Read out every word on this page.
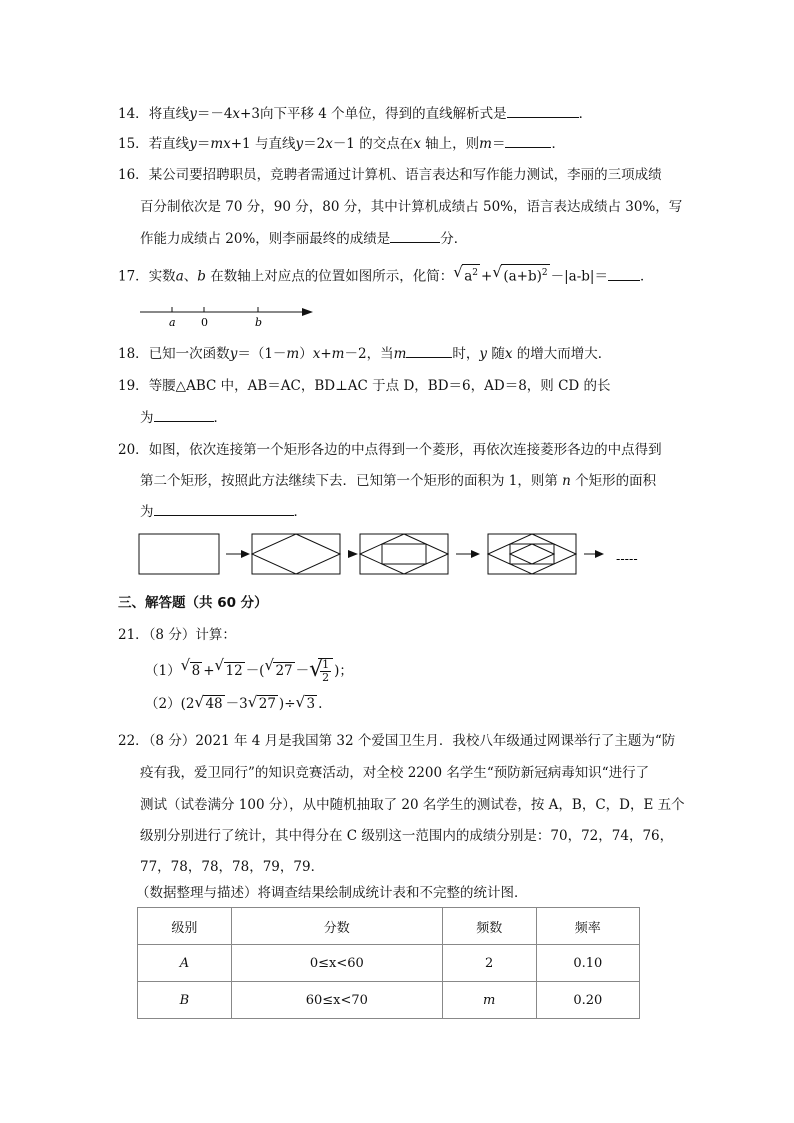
14．将直线y＝－4x+3向下平移 4 个单位，得到的直线解析式是	．
15．若直线y＝mx+1 与直线y＝2x－1 的交点在x 轴上，则m＝	．
16．某公司要招聘职员，竞聘者需通过计算机、语言表达和写作能力测试，李丽的三项成绩
百分制依次是 70 分，90 分，80 分，其中计算机成绩占 50%，语言表达成绩占 30%，写
作能力成绩占 20%，则李丽最终的成绩是	分．
17．实数a、b 在数轴上对应点的位置如图所示，化简： √ $a^2$ + √ $(a+b)^2 -|a-b|=$ ．
a 0	b
18．已知一次函数y＝（1－m）x+m－2，当m	时，y 随x 的增大而增大．
19．等腰△ABC 中，AB＝AC，BD⊥AC 于点 D，BD＝6，AD＝8，则 CD 的长
为	．
20．如图，依次连接第一个矩形各边的中点得到一个菱形，再依次连接菱形各边的中点得到
第二个矩形，按照此方法继续下去．已知第一个矩形的面积为 1，则第 n 个矩形的面积
为	．
-----
三、解答题（共 60 分）
21．（8 分）计算：
（1） √ 8 + √ 12 －( √ 27 － √
$\frac{1}{2}$ )；
（2）(2 √ 48 －3 √ 27 )÷ √ 3 .
22．（8 分）2021 年 4 月是我国第 32 个爱国卫生月．我校八年级通过网课举行了主题为“防
疫有我，爱卫同行”的知识竞赛活动，对全校 2200 名学生“预防新冠病毒知识“进行了
测试（试卷满分 100 分），从中随机抽取了 20 名学生的测试卷，按 A，B，C，D，E 五个
级别分别进行了统计，其中得分在 C 级别这一范围内的成绩分别是：70，72，74，76，
77，78，78，78，79，79．
（数据整理与描述）将调查结果绘制成统计表和不完整的统计图．
级别	分数	频数	频率
A	0≤x<60	2	0.10
B	60≤x<70	m	0.20
